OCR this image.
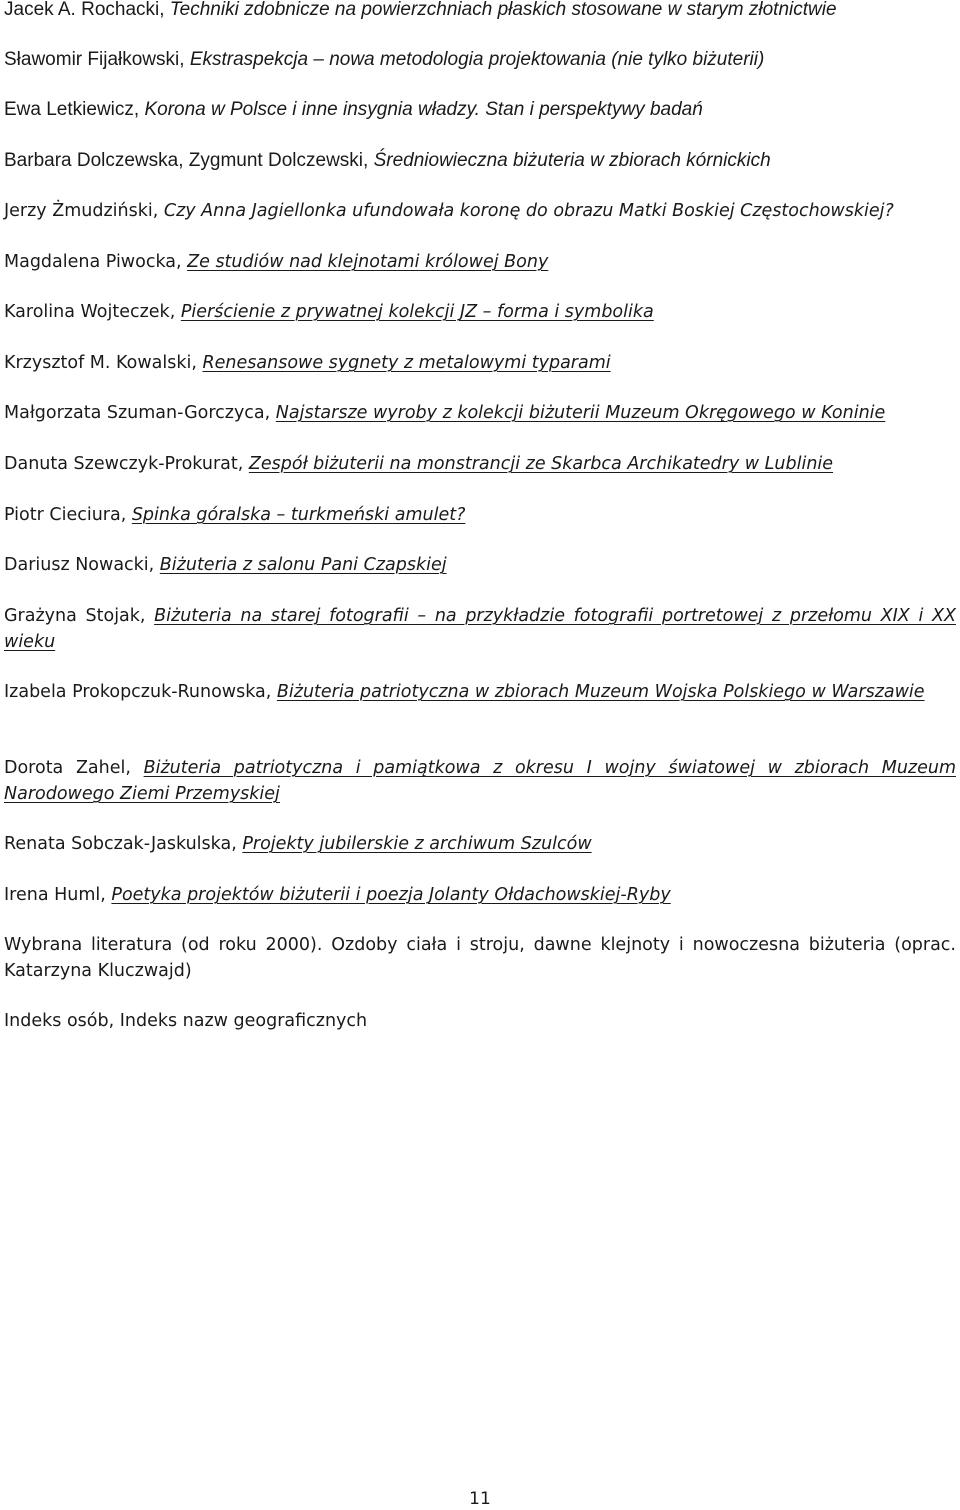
Jacek A. Rochacki, Techniki zdobnicze na powierzchniach płaskich stosowane w starym złotnictwie
Sławomir Fijałkowski, Ekstraspekcja – nowa metodologia projektowania (nie tylko biżuterii)
Ewa Letkiewicz, Korona w Polsce i inne insygnia władzy. Stan i perspektywy badań
Barbara Dolczewska, Zygmunt Dolczewski, Średniowieczna biżuteria w zbiorach kórnickich
Jerzy Żmudziński, Czy Anna Jagiellonka ufundowała koronę do obrazu Matki Boskiej Częstochowskiej?
Magdalena Piwocka, Ze studiów nad klejnotami królowej Bony
Karolina Wojteczek, Pierścienie z prywatnej kolekcji JZ – forma i symbolika
Krzysztof M. Kowalski, Renesansowe sygnety z metalowymi typarami
Małgorzata Szuman-Gorczyca, Najstarsze wyroby z kolekcji biżuterii Muzeum Okręgowego w Koninie
Danuta Szewczyk-Prokurat, Zespół biżuterii na monstrancji ze Skarbca Archikatedry w Lublinie
Piotr Cieciura, Spinka góralska – turkmeński amulet?
Dariusz Nowacki, Biżuteria z salonu Pani Czapskiej
Grażyna Stojak, Biżuteria na starej fotografii – na przykładzie fotografii portretowej z przełomu XIX i XX wieku
Izabela Prokopczuk-Runowska, Biżuteria patriotyczna w zbiorach Muzeum Wojska Polskiego w Warszawie
Dorota Zahel, Biżuteria patriotyczna i pamiątkowa z okresu I wojny światowej w zbiorach Muzeum Narodowego Ziemi Przemyskiej
Renata Sobczak-Jaskulska, Projekty jubilerskie z archiwum Szulców
Irena Huml, Poetyka projektów biżuterii i poezja Jolanty Ołdachowskiej-Ryby
Wybrana literatura (od roku 2000). Ozdoby ciała i stroju, dawne klejnoty i nowoczesna biżuteria (oprac. Katarzyna Kluczwajd)
Indeks osób, Indeks nazw geograficznych
11
